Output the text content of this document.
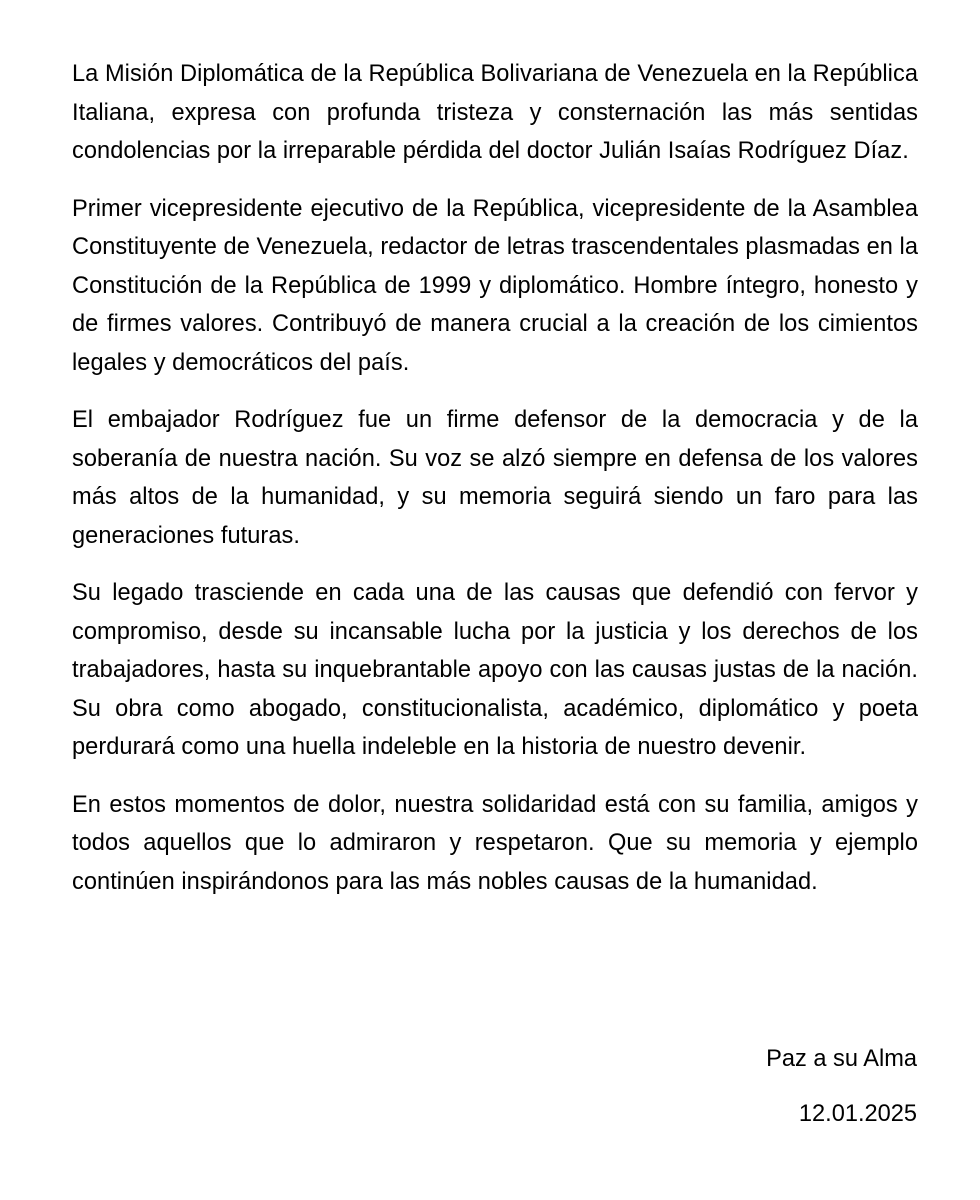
La Misión Diplomática de la República Bolivariana de Venezuela en la República Italiana, expresa con profunda tristeza y consternación las más sentidas condolencias por la irreparable pérdida del doctor Julián Isaías Rodríguez Díaz.

Primer vicepresidente ejecutivo de la República, vicepresidente de la Asamblea Constituyente de Venezuela, redactor de letras trascendentales plasmadas en la Constitución de la República de 1999 y diplomático. Hombre íntegro, honesto y de firmes valores. Contribuyó de manera crucial a la creación de los cimientos legales y democráticos del país.

El embajador Rodríguez fue un firme defensor de la democracia y de la soberanía de nuestra nación. Su voz se alzó siempre en defensa de los valores más altos de la humanidad, y su memoria seguirá siendo un faro para las generaciones futuras.

Su legado trasciende en cada una de las causas que defendió con fervor y compromiso, desde su incansable lucha por la justicia y los derechos de los trabajadores, hasta su inquebrantable apoyo con las causas justas de la nación. Su obra como abogado, constitucionalista, académico, diplomático y poeta perdurará como una huella indeleble en la historia de nuestro devenir.

En estos momentos de dolor, nuestra solidaridad está con su familia, amigos y todos aquellos que lo admiraron y respetaron. Que su memoria y ejemplo continúen inspirándonos para las más nobles causas de la humanidad.

Paz a su Alma
12.01.2025
